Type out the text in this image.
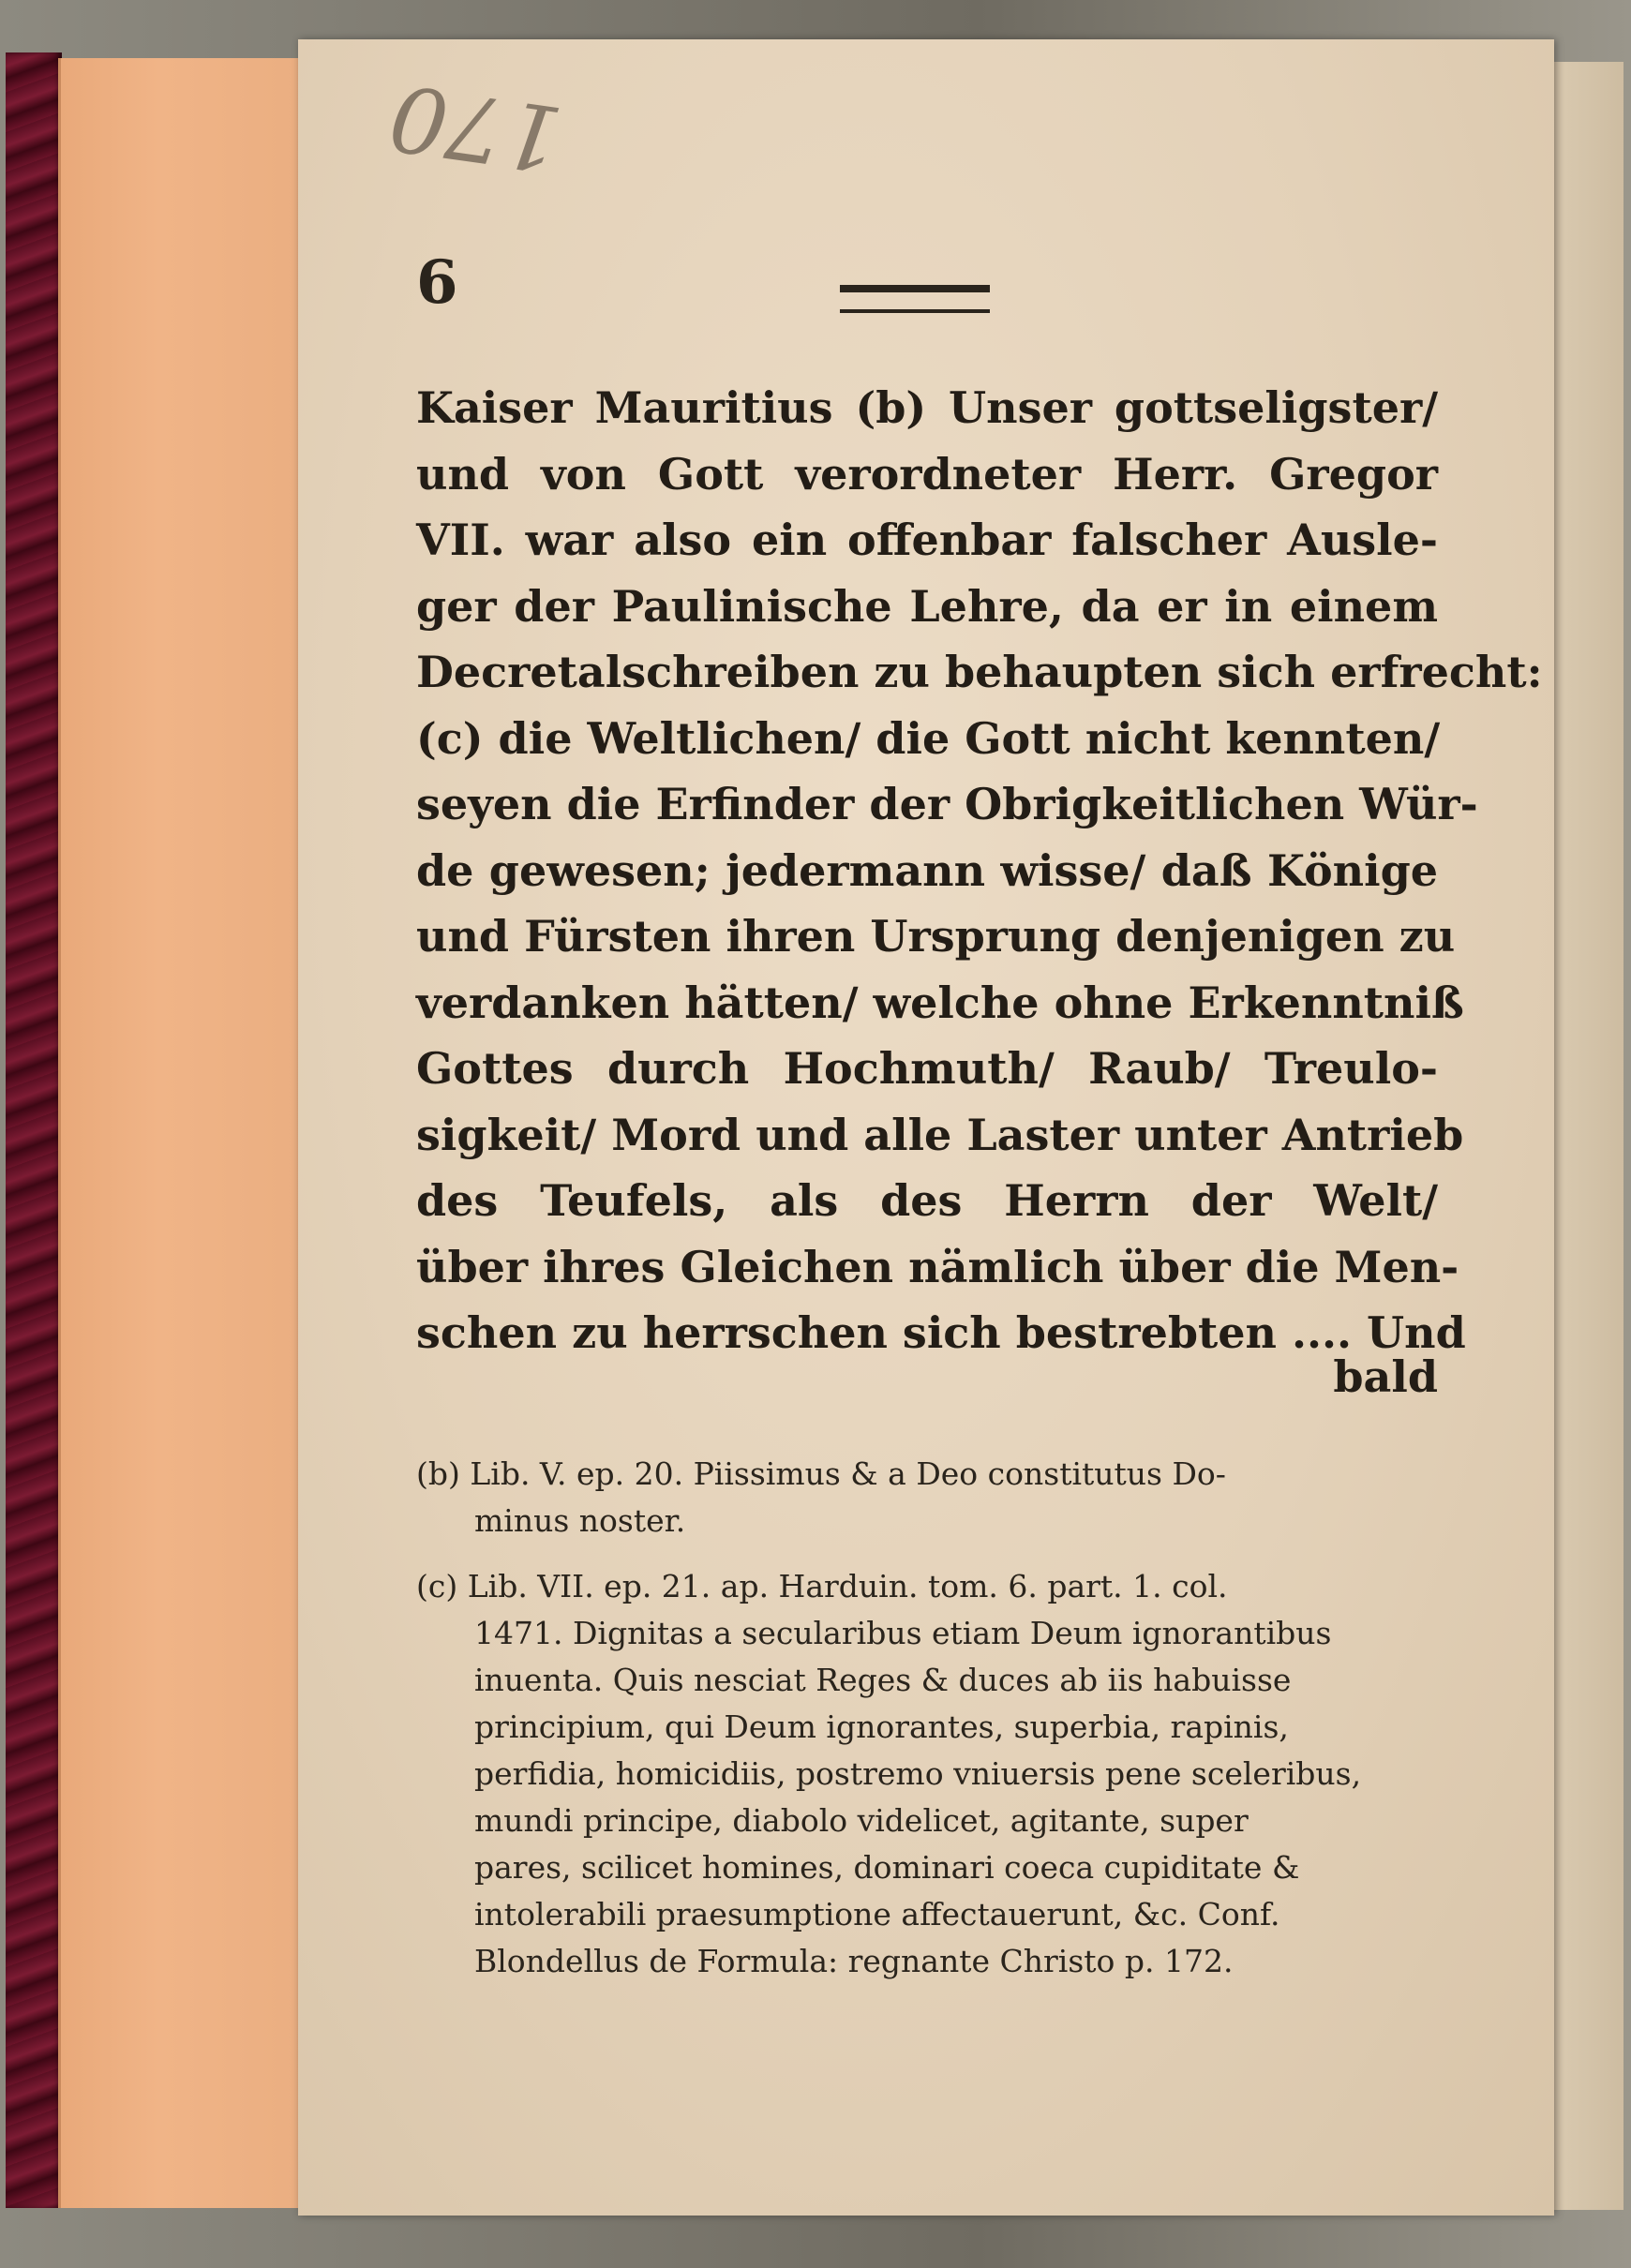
170
6
Kaiser Mauritius (b) Unser gottseligster/
und von Gott verordneter Herr. Gregor
VII. war also ein offenbar falscher Ausle-
ger der Paulinische Lehre, da er in einem
Decretalschreiben zu behaupten sich erfrecht:
(c) die Weltlichen/ die Gott nicht kennten/
seyen die Erfinder der Obrigkeitlichen Wür-
de gewesen; jedermann wisse/ daß Könige
und Fürsten ihren Ursprung denjenigen zu
verdanken hätten/ welche ohne Erkenntniß
Gottes durch Hochmuth/ Raub/ Treulo-
sigkeit/ Mord und alle Laster unter Antrieb
des Teufels, als des Herrn der Welt/
über ihres Gleichen nämlich über die Men-
schen zu herrschen sich bestrebten .... Und
bald
(b) Lib. V. ep. 20. Piissimus & a Deo constitutus Do-
minus noster.
(c) Lib. VII. ep. 21. ap. Harduin. tom. 6. part. 1. col.
1471. Dignitas a secularibus etiam Deum ignorantibus
inuenta. Quis nesciat Reges & duces ab iis habuisse
principium, qui Deum ignorantes, superbia, rapinis,
perfidia, homicidiis, postremo vniuersis pene sceleribus,
mundi principe, diabolo videlicet, agitante, super
pares, scilicet homines, dominari coeca cupiditate &
intolerabili praesumptione affectauerunt, &c. Conf.
Blondellus de Formula: regnante Christo p. 172.
